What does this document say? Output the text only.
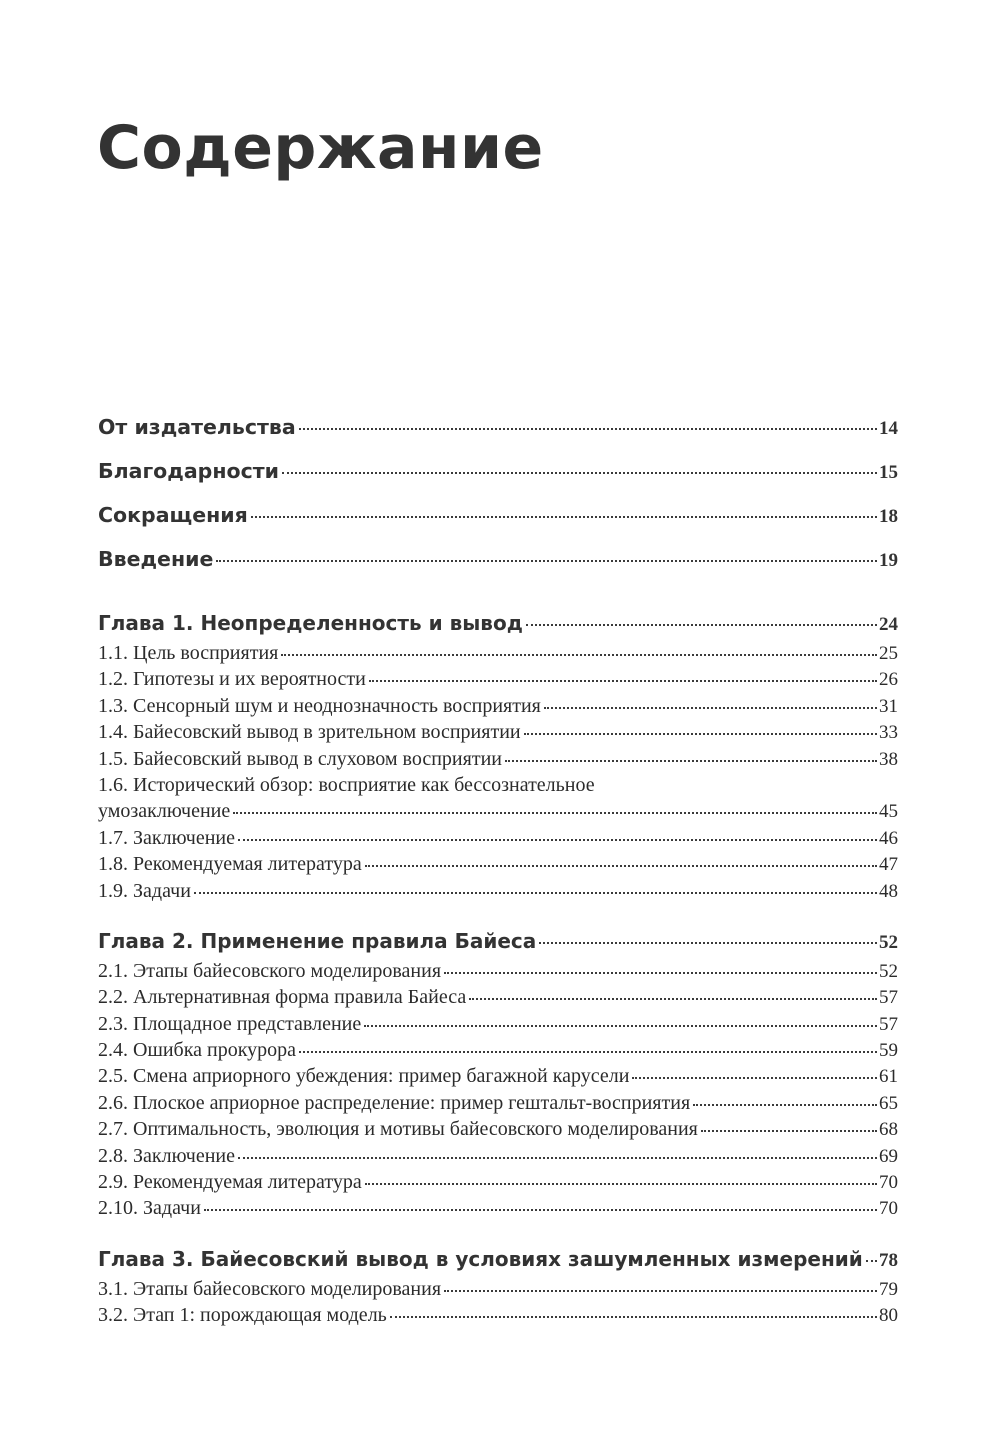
Содержание
От издательства	14
Благодарности	15
Сокращения	18
Введение	19
Глава 1. Неопределенность и вывод	24
1.1. Цель восприятия	25
1.2. Гипотезы и их вероятности	26
1.3. Сенсорный шум и неоднозначность восприятия	31
1.4. Байесовский вывод в зрительном восприятии	33
1.5. Байесовский вывод в слуховом восприятии	38
1.6. Исторический обзор: восприятие как бессознательное
умозаключение	45
1.7. Заключение	46
1.8. Рекомендуемая литература	47
1.9. Задачи	48
Глава 2. Применение правила Байеса	52
2.1. Этапы байесовского моделирования	52
2.2. Альтернативная форма правила Байеса	57
2.3. Площадное представление	57
2.4. Ошибка прокурора	59
2.5. Смена априорного убеждения: пример багажной карусели	61
2.6. Плоское априорное распределение: пример гештальт-восприятия	65
2.7. Оптимальность, эволюция и мотивы байесовского моделирования	68
2.8. Заключение	69
2.9. Рекомендуемая литература	70
2.10. Задачи	70
Глава 3. Байесовский вывод в условиях зашумленных измерений 78
3.1. Этапы байесовского моделирования	79
3.2. Этап 1: порождающая модель	80
